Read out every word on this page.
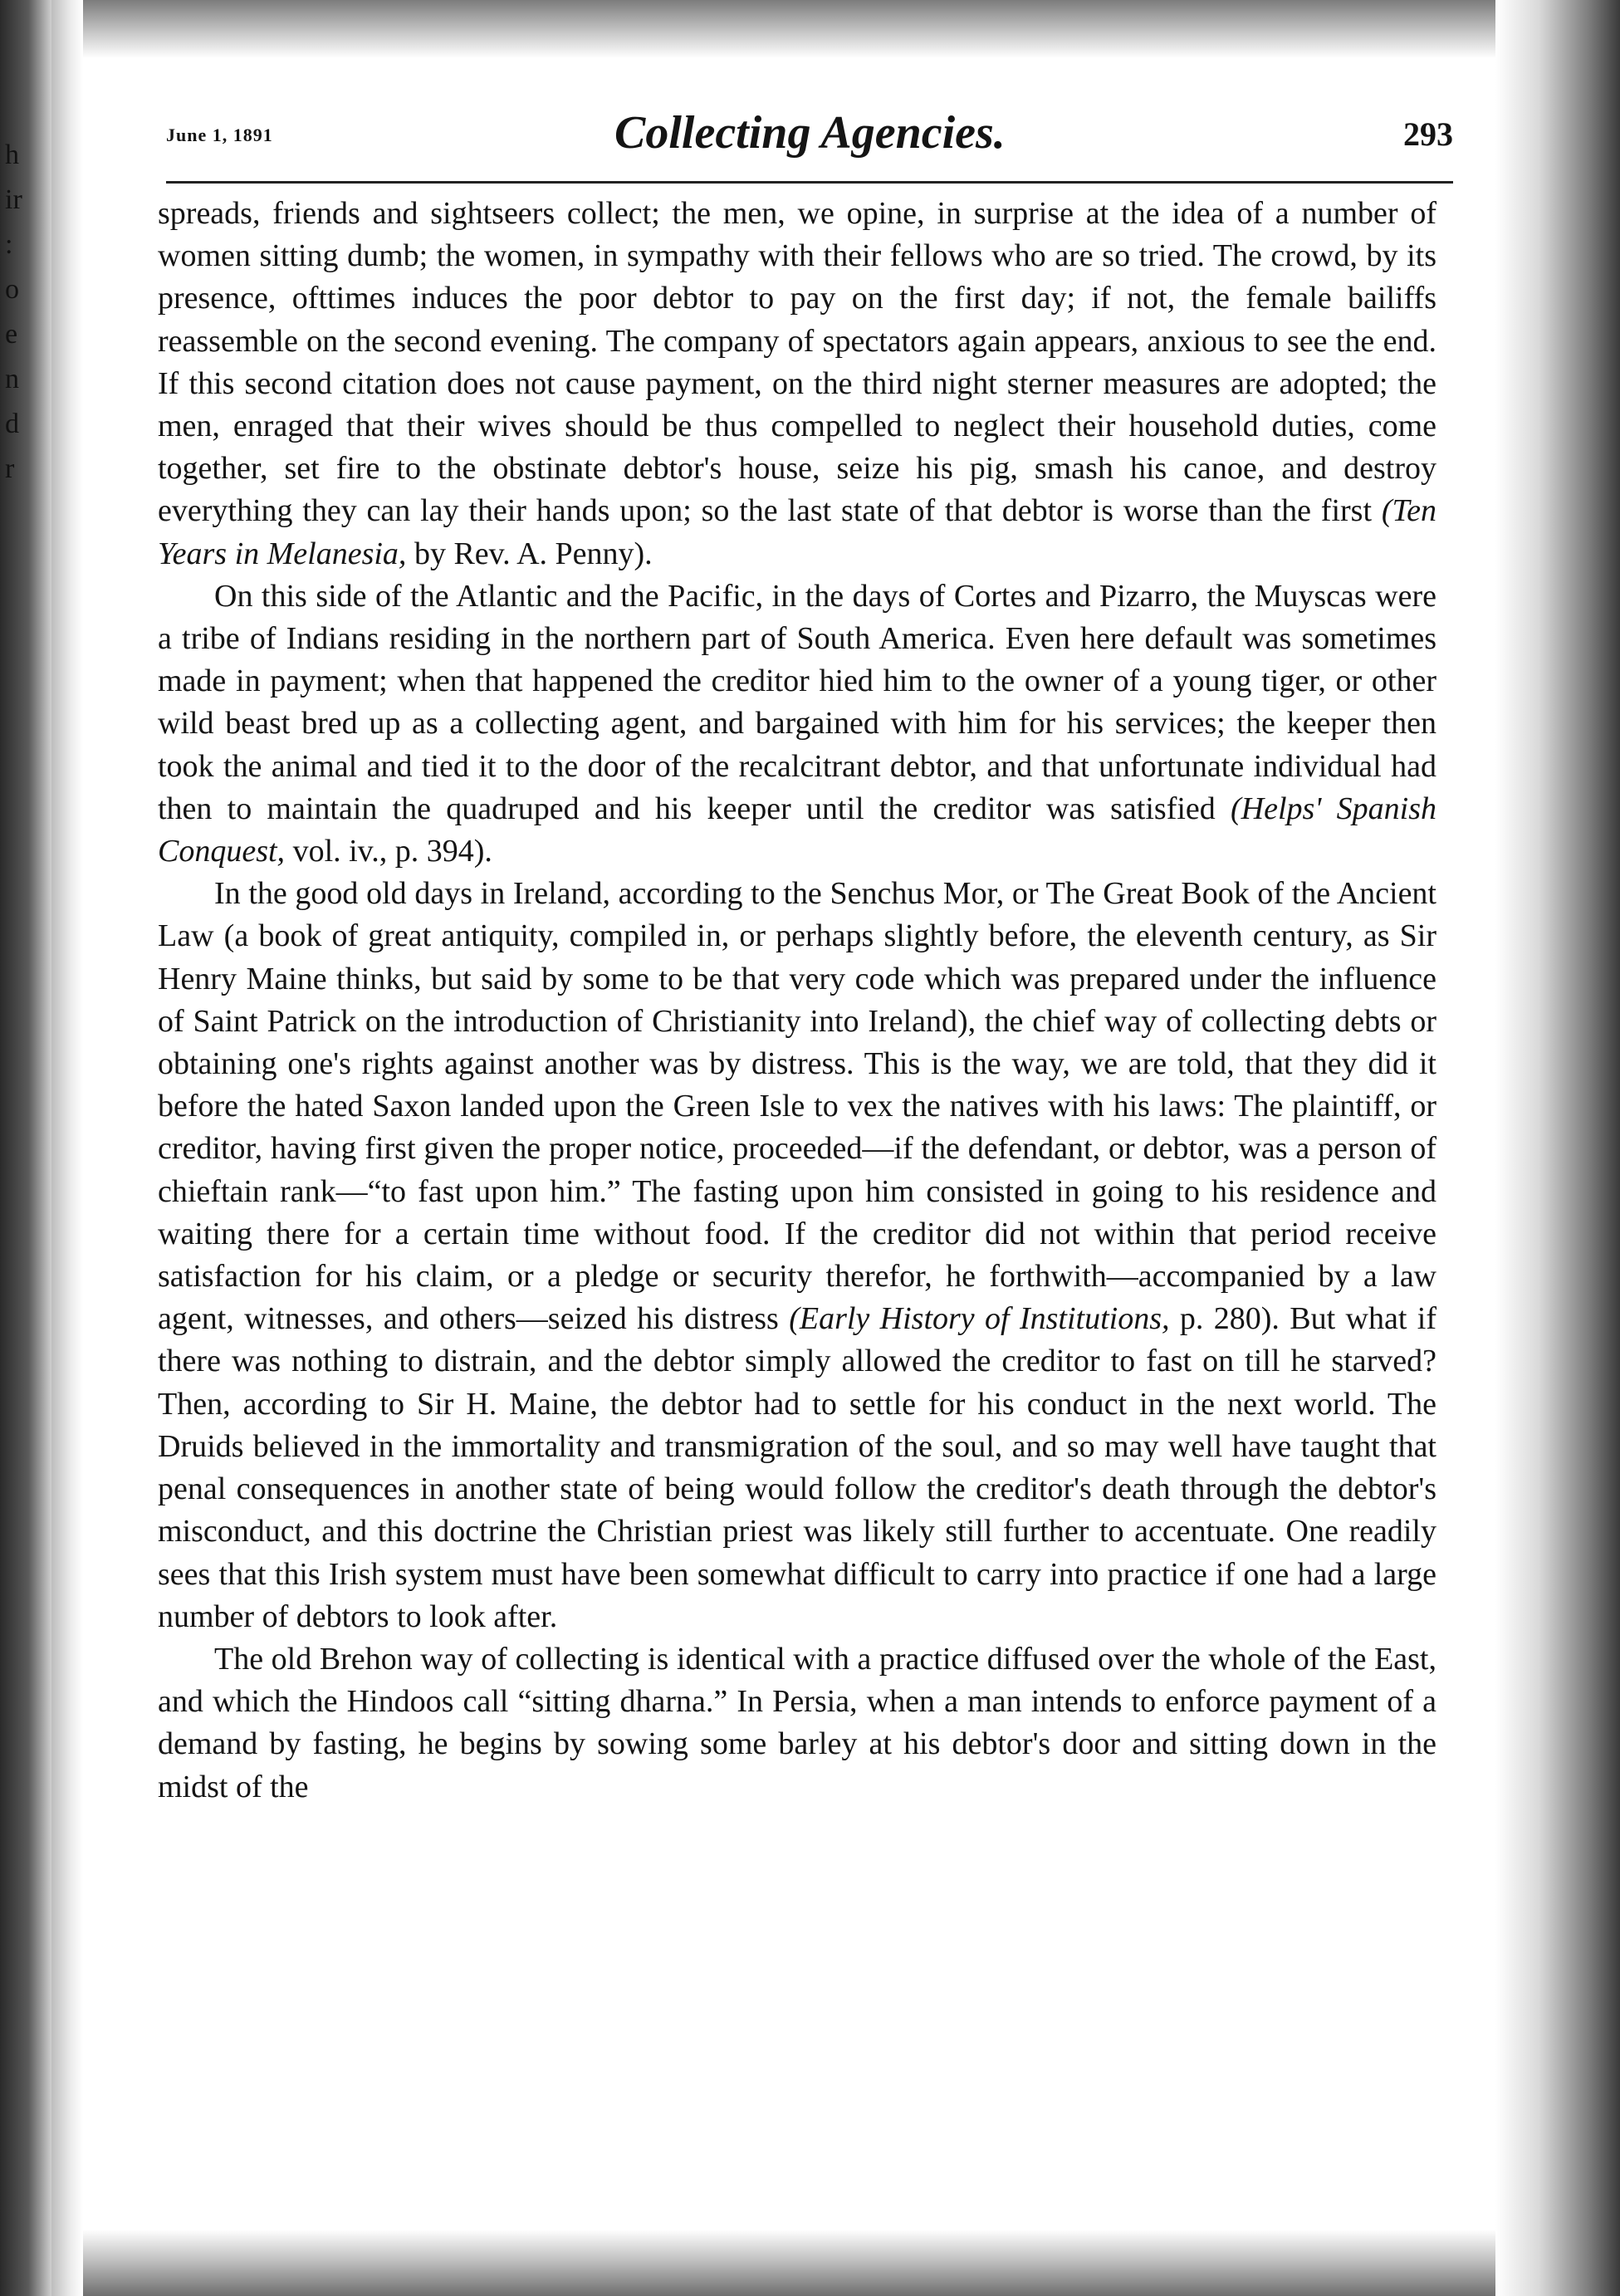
h
ir
:
o
e
n
d
r
June 1, 1891	Collecting Agencies.	293

spreads, friends and sightseers collect; the men, we opine, in surprise at the idea of a number of women sitting dumb; the women, in sympathy with their fellows who are so tried. The crowd, by its presence, ofttimes induces the poor debtor to pay on the first day; if not, the female bailiffs reassemble on the second evening. The company of spectators again appears, anxious to see the end. If this second citation does not cause payment, on the third night sterner measures are adopted; the men, enraged that their wives should be thus compelled to neglect their household duties, come together, set fire to the obstinate debtor's house, seize his pig, smash his canoe, and destroy everything they can lay their hands upon; so the last state of that debtor is worse than the first (Ten Years in Melanesia, by Rev. A. Penny).

On this side of the Atlantic and the Pacific, in the days of Cortes and Pizarro, the Muyscas were a tribe of Indians residing in the northern part of South America. Even here default was sometimes made in payment; when that happened the creditor hied him to the owner of a young tiger, or other wild beast bred up as a collecting agent, and bargained with him for his services; the keeper then took the animal and tied it to the door of the recalcitrant debtor, and that unfortunate individual had then to maintain the quadruped and his keeper until the creditor was satisfied (Helps' Spanish Conquest, vol. iv., p. 394).

In the good old days in Ireland, according to the Senchus Mor, or The Great Book of the Ancient Law (a book of great antiquity, compiled in, or perhaps slightly before, the eleventh century, as Sir Henry Maine thinks, but said by some to be that very code which was prepared under the influence of Saint Patrick on the introduction of Christianity into Ireland), the chief way of collecting debts or obtaining one's rights against another was by distress. This is the way, we are told, that they did it before the hated Saxon landed upon the Green Isle to vex the natives with his laws: The plaintiff, or creditor, having first given the proper notice, proceeded—if the defendant, or debtor, was a person of chieftain rank—“to fast upon him.” The fasting upon him consisted in going to his residence and waiting there for a certain time without food. If the creditor did not within that period receive satisfaction for his claim, or a pledge or security therefor, he forthwith—accompanied by a law agent, witnesses, and others—seized his distress (Early History of Institutions, p. 280). But what if there was nothing to distrain, and the debtor simply allowed the creditor to fast on till he starved? Then, according to Sir H. Maine, the debtor had to settle for his conduct in the next world. The Druids believed in the immortality and transmigration of the soul, and so may well have taught that penal consequences in another state of being would follow the creditor's death through the debtor's misconduct, and this doctrine the Christian priest was likely still further to accentuate. One readily sees that this Irish system must have been somewhat difficult to carry into practice if one had a large number of debtors to look after.

The old Brehon way of collecting is identical with a practice diffused over the whole of the East, and which the Hindoos call “sitting dharna.” In Persia, when a man intends to enforce payment of a demand by fasting, he begins by sowing some barley at his debtor's door and sitting down in the midst of the
